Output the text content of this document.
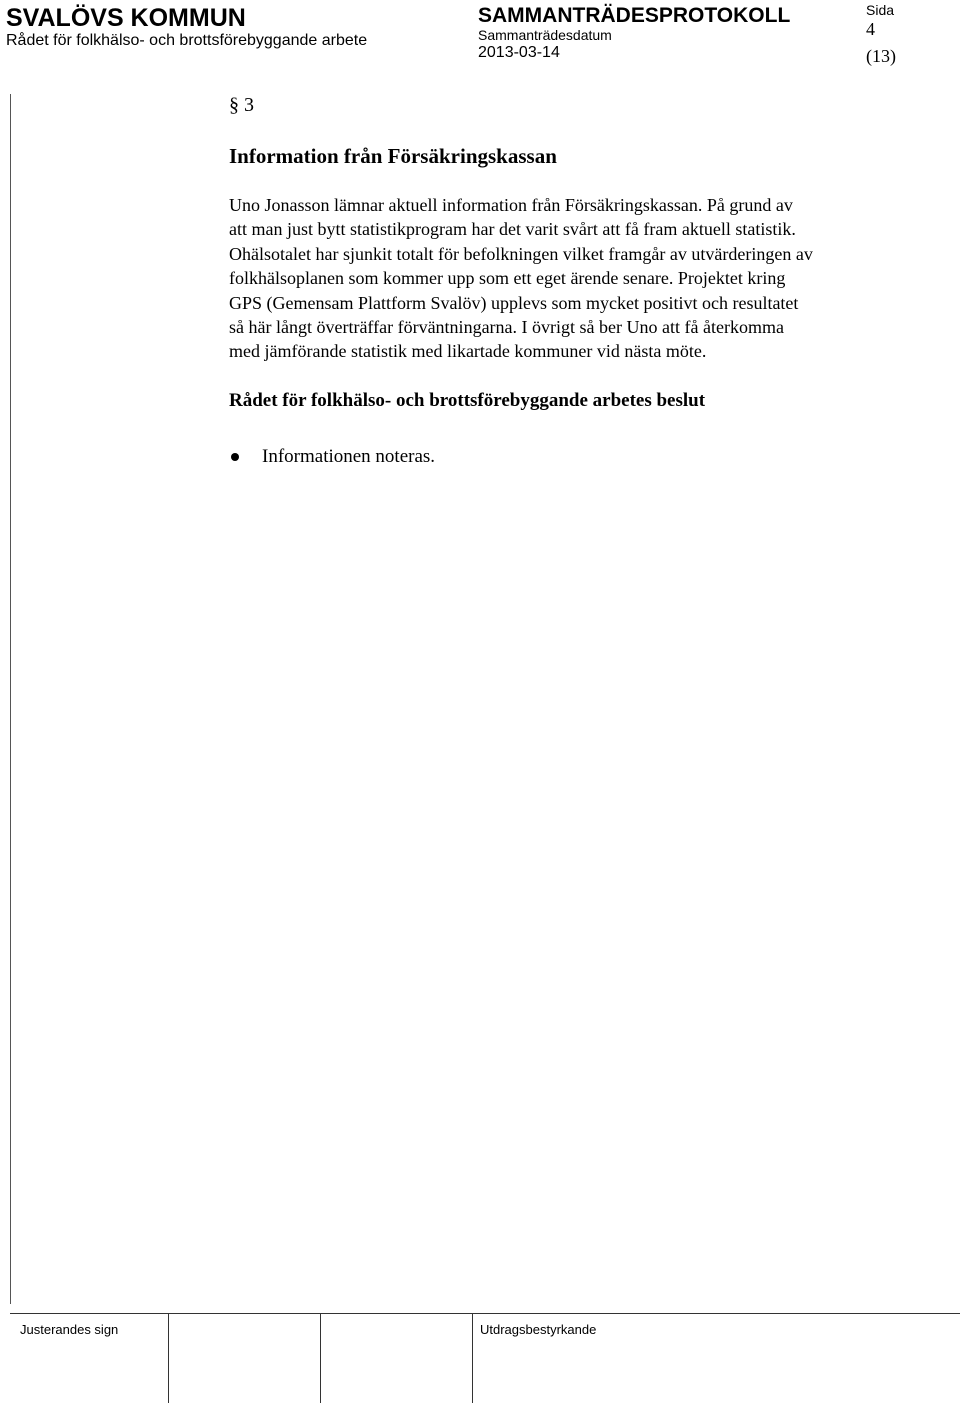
SVALÖVS KOMMUN
Rådet för folkhälso- och brottsförebyggande arbete
SAMMANTRÄDESPROTOKOLL
Sammanträdesdatum
2013-03-14
Sida
4
(13)
§ 3
Information från Försäkringskassan
Uno Jonasson lämnar aktuell information från Försäkringskassan. På grund av
att man just bytt statistikprogram har det varit svårt att få fram aktuell statistik.
Ohälsotalet har sjunkit totalt för befolkningen vilket framgår av utvärderingen av
folkhälsoplanen som kommer upp som ett eget ärende senare. Projektet kring
GPS (Gemensam Plattform Svalöv) upplevs som mycket positivt och resultatet
så här långt överträffar förväntningarna. I övrigt så ber Uno att få återkomma
med jämförande statistik med likartade kommuner vid nästa möte.
Rådet för folkhälso- och brottsförebyggande arbetes beslut
Informationen noteras.
Justerandes sign	Utdragsbestyrkande
